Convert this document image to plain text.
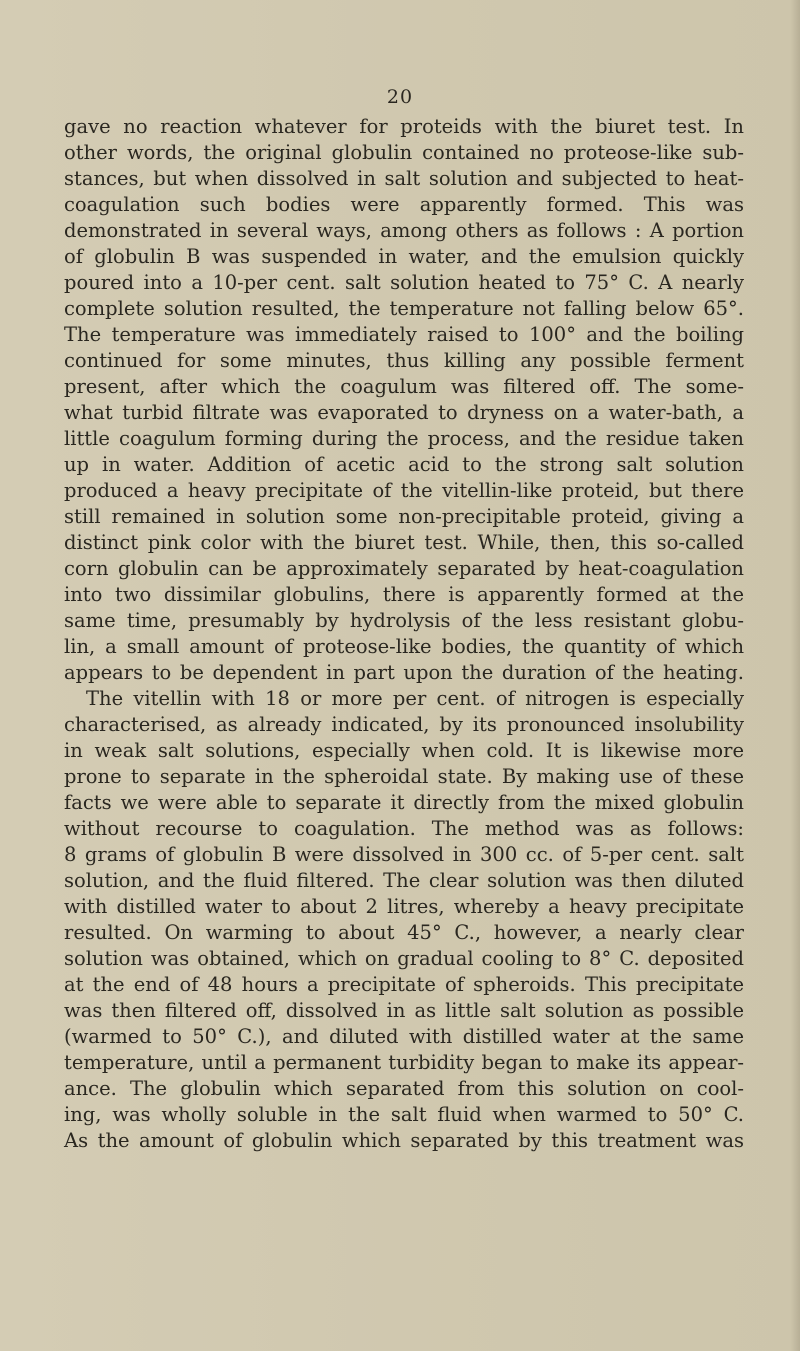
20
gave no reaction whatever for proteids with the biuret test. In
other words, the original globulin contained no proteose-like sub-
stances, but when dissolved in salt solution and subjected to heat-
coagulation such bodies were apparently formed. This was
demonstrated in several ways, among others as follows : A portion
of globulin B was suspended in water, and the emulsion quickly
poured into a 10-per cent. salt solution heated to 75° C. A nearly
complete solution resulted, the temperature not falling below 65°.
The temperature was immediately raised to 100° and the boiling
continued for some minutes, thus killing any possible ferment
present, after which the coagulum was filtered off. The some-
what turbid filtrate was evaporated to dryness on a water-bath, a
little coagulum forming during the process, and the residue taken
up in water. Addition of acetic acid to the strong salt solution
produced a heavy precipitate of the vitellin-like proteid, but there
still remained in solution some non-precipitable proteid, giving a
distinct pink color with the biuret test. While, then, this so-called
corn globulin can be approximately separated by heat-coagulation
into two dissimilar globulins, there is apparently formed at the
same time, presumably by hydrolysis of the less resistant globu-
lin, a small amount of proteose-like bodies, the quantity of which
appears to be dependent in part upon the duration of the heating.
The vitellin with 18 or more per cent. of nitrogen is especially
characterised, as already indicated, by its pronounced insolubility
in weak salt solutions, especially when cold. It is likewise more
prone to separate in the spheroidal state. By making use of these
facts we were able to separate it directly from the mixed globulin
without recourse to coagulation. The method was as follows:
8 grams of globulin B were dissolved in 300 cc. of 5-per cent. salt
solution, and the fluid filtered. The clear solution was then diluted
with distilled water to about 2 litres, whereby a heavy precipitate
resulted. On warming to about 45° C., however, a nearly clear
solution was obtained, which on gradual cooling to 8° C. deposited
at the end of 48 hours a precipitate of spheroids. This precipitate
was then filtered off, dissolved in as little salt solution as possible
(warmed to 50° C.), and diluted with distilled water at the same
temperature, until a permanent turbidity began to make its appear-
ance. The globulin which separated from this solution on cool-
ing, was wholly soluble in the salt fluid when warmed to 50° C.
As the amount of globulin which separated by this treatment was
